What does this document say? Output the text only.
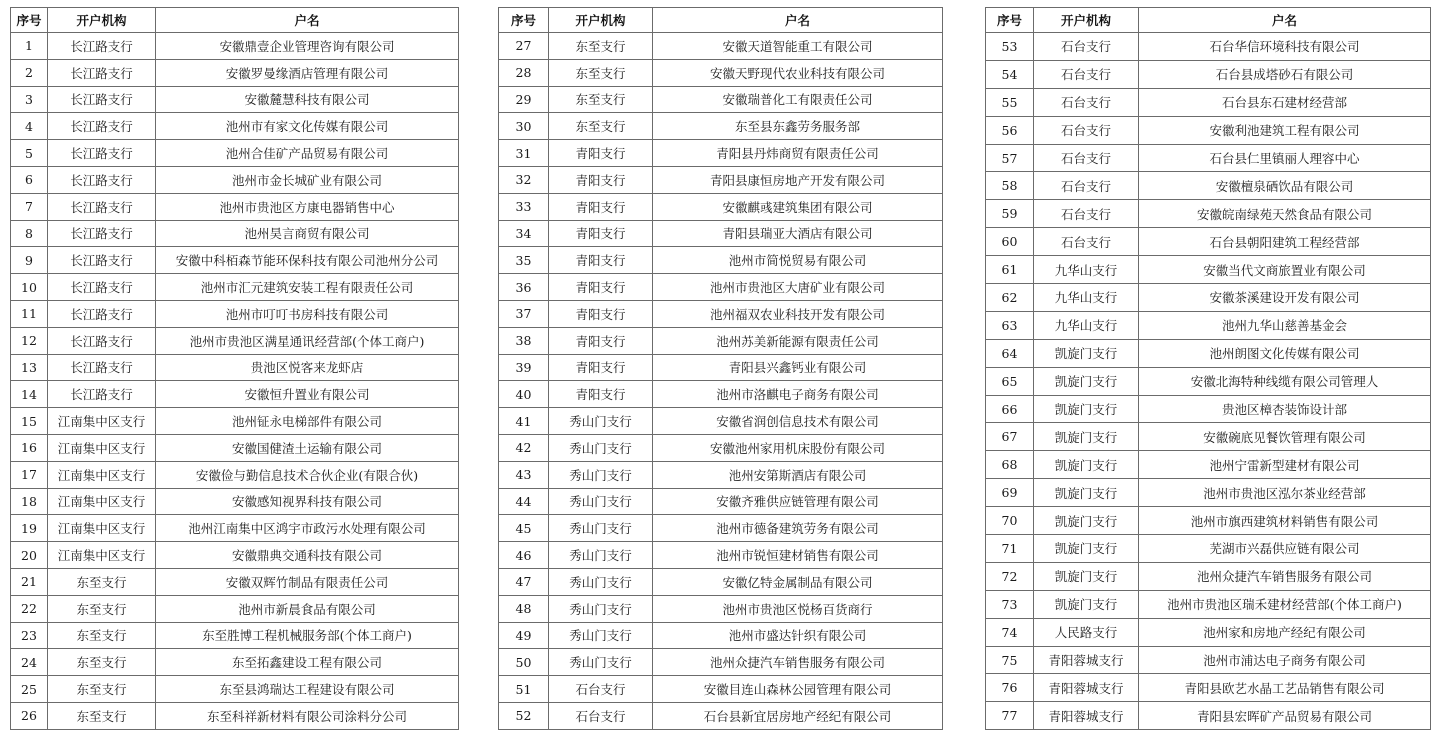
序号	开户机构	户名
1	长江路支行	安徽鼎壹企业管理咨询有限公司
2	长江路支行	安徽罗曼缘酒店管理有限公司
3	长江路支行	安徽麓慧科技有限公司
4	长江路支行	池州市有家文化传媒有限公司
5	长江路支行	池州合佳矿产品贸易有限公司
6	长江路支行	池州市金长城矿业有限公司
7	长江路支行	池州市贵池区方康电器销售中心
8	长江路支行	池州昊言商贸有限公司
9	长江路支行	安徽中科栢森节能环保科技有限公司池州分公司
10	长江路支行	池州市汇元建筑安装工程有限责任公司
11	长江路支行	池州市叮叮书房科技有限公司
12	长江路支行	池州市贵池区满星通讯经营部(个体工商户)
13	长江路支行	贵池区悦客来龙虾店
14	长江路支行	安徽恒升置业有限公司
15	江南集中区支行	池州钲永电梯部件有限公司
16	江南集中区支行	安徽国健渣土运输有限公司
17	江南集中区支行	安徽俭与勤信息技术合伙企业(有限合伙)
18	江南集中区支行	安徽感知视界科技有限公司
19	江南集中区支行	池州江南集中区鸿宇市政污水处理有限公司
20	江南集中区支行	安徽鼎典交通科技有限公司
21	东至支行	安徽双辉竹制品有限责任公司
22	东至支行	池州市新晨食品有限公司
23	东至支行	东至胜博工程机械服务部(个体工商户)
24	东至支行	东至拓鑫建设工程有限公司
25	东至支行	东至县鸿瑞达工程建设有限公司
26	东至支行	东至科祥新材料有限公司涂料分公司
序号	开户机构	户名
27	东至支行	安徽天道智能重工有限公司
28	东至支行	安徽天野现代农业科技有限公司
29	东至支行	安徽瑞普化工有限责任公司
30	东至支行	东至县东鑫劳务服务部
31	青阳支行	青阳县丹炜商贸有限责任公司
32	青阳支行	青阳县康恒房地产开发有限公司
33	青阳支行	安徽麒彧建筑集团有限公司
34	青阳支行	青阳县瑞亚大酒店有限公司
35	青阳支行	池州市简悦贸易有限公司
36	青阳支行	池州市贵池区大唐矿业有限公司
37	青阳支行	池州福双农业科技开发有限公司
38	青阳支行	池州苏美新能源有限责任公司
39	青阳支行	青阳县兴鑫钙业有限公司
40	青阳支行	池州市洛麒电子商务有限公司
41	秀山门支行	安徽省润创信息技术有限公司
42	秀山门支行	安徽池州家用机床股份有限公司
43	秀山门支行	池州安第斯酒店有限公司
44	秀山门支行	安徽齐雅供应链管理有限公司
45	秀山门支行	池州市德备建筑劳务有限公司
46	秀山门支行	池州市锐恒建材销售有限公司
47	秀山门支行	安徽亿特金属制品有限公司
48	秀山门支行	池州市贵池区悦杨百货商行
49	秀山门支行	池州市盛达针织有限公司
50	秀山门支行	池州众捷汽车销售服务有限公司
51	石台支行	安徽目连山森林公园管理有限公司
52	石台支行	石台县新宜居房地产经纪有限公司
序号	开户机构	户名
53	石台支行	石台华信环境科技有限公司
54	石台支行	石台县成塔砂石有限公司
55	石台支行	石台县东石建材经营部
56	石台支行	安徽利池建筑工程有限公司
57	石台支行	石台县仁里镇丽人理容中心
58	石台支行	安徽檀泉硒饮品有限公司
59	石台支行	安徽皖南绿苑天然食品有限公司
60	石台支行	石台县朝阳建筑工程经营部
61	九华山支行	安徽当代文商旅置业有限公司
62	九华山支行	安徽茶溪建设开发有限公司
63	九华山支行	池州九华山慈善基金会
64	凯旋门支行	池州朗图文化传媒有限公司
65	凯旋门支行	安徽北海特种线缆有限公司管理人
66	凯旋门支行	贵池区樟杏装饰设计部
67	凯旋门支行	安徽碗底见餐饮管理有限公司
68	凯旋门支行	池州宁雷新型建材有限公司
69	凯旋门支行	池州市贵池区泓尔茶业经营部
70	凯旋门支行	池州市旗西建筑材料销售有限公司
71	凯旋门支行	芜湖市兴磊供应链有限公司
72	凯旋门支行	池州众捷汽车销售服务有限公司
73	凯旋门支行	池州市贵池区瑞禾建材经营部(个体工商户)
74	人民路支行	池州家和房地产经纪有限公司
75	青阳蓉城支行	池州市浦达电子商务有限公司
76	青阳蓉城支行	青阳县欧艺水晶工艺品销售有限公司
77	青阳蓉城支行	青阳县宏晖矿产品贸易有限公司
